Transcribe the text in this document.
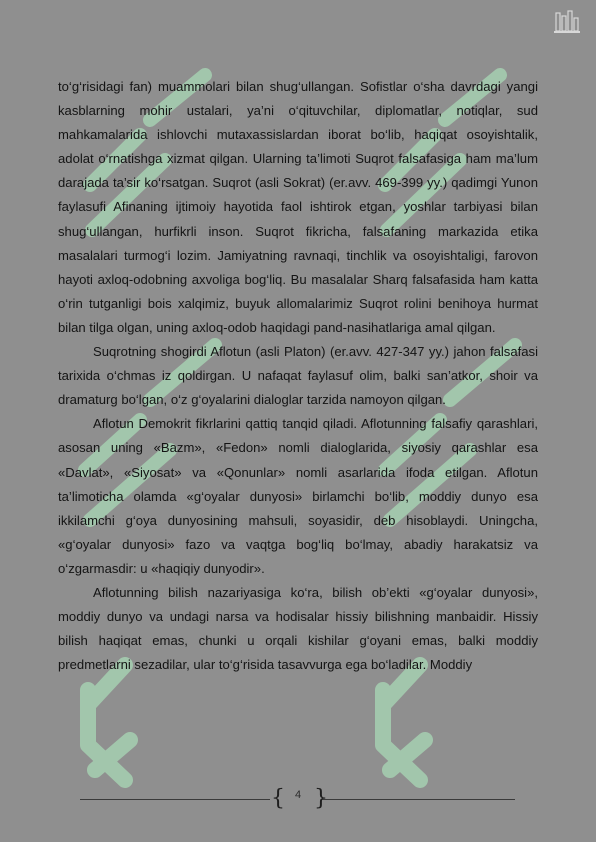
to‘g‘risidagi fan) muammolari bilan shug‘ullangan. Sofistlar o‘sha davrdagi yangi kasblarning mohir ustalari, ya’ni o‘qituvchilar, diplomatlar, notiqlar, sud mahkamalarida ishlovchi mutaxassislardan iborat bo‘lib, haqiqat osoyishtalik, adolat o‘rnatishga xizmat qilgan. Ularning ta’limoti Suqrot falsafasiga ham ma’lum darajada ta’sir ko‘rsatgan. Suqrot (asli Sokrat) (er.avv. 469-399 yy.) qadimgi Yunon faylasufi Afinaning ijtimoiy hayotida faol ishtirok etgan, yoshlar tarbiyasi bilan shug‘ullangan, hurfikrli inson. Suqrot fikricha, falsafaning markazida etika masalalari turmog‘i lozim. Jamiyatning ravnaqi, tinchlik va osoyishtaligi, farovon hayoti axloq-odobning axvoliga bog‘liq. Bu masalalar Sharq falsafasida ham katta o‘rin tutganligi bois xalqimiz, buyuk allomalarimiz Suqrot rolini benihoya hurmat bilan tilga olgan, uning axloq-odob haqidagi pand-nasihatlariga amal qilgan.

Suqrotning shogirdi Aflotun (asli Platon) (er.avv. 427-347 yy.) jahon falsafasi tarixida o‘chmas iz qoldirgan. U nafaqat faylasuf olim, balki san’atkor, shoir va dramaturg bo‘lgan, o‘z g‘oyalarini dialoglar tarzida namoyon qilgan.

Aflotun Demokrit fikrlarini qattiq tanqid qiladi. Aflotunning falsafiy qarashlari, asosan uning «Bazm», «Fedon» nomli dialoglarida, siyosiy qarashlar esa «Davlat», «Siyosat» va «Qonunlar» nomli asarlarida ifoda etilgan. Aflotun ta’limoticha olamda «g‘oyalar dunyosi» birlamchi bo‘lib, moddiy dunyo esa ikkilamchi g‘oya dunyosining mahsuli, soyasidir, deb hisoblaydi. Uningcha, «g‘oyalar dunyosi» fazo va vaqtga bog‘liq bo‘lmay, abadiy harakatsiz va o‘zgarmasdir: u «haqiqiy dunyodir».

Aflotunning bilish nazariyasiga ko‘ra, bilish ob’ekti «g‘oyalar dunyosi», moddiy dunyo va undagi narsa va hodisalar hissiy bilishning manbaidir. Hissiy bilish haqiqat emas, chunki u orqali kishilar g‘oyani emas, balki moddiy predmetlarni sezadilar, ular to‘g‘risida tasavvurga ega bo‘ladilar. Moddiy

{ }
4
